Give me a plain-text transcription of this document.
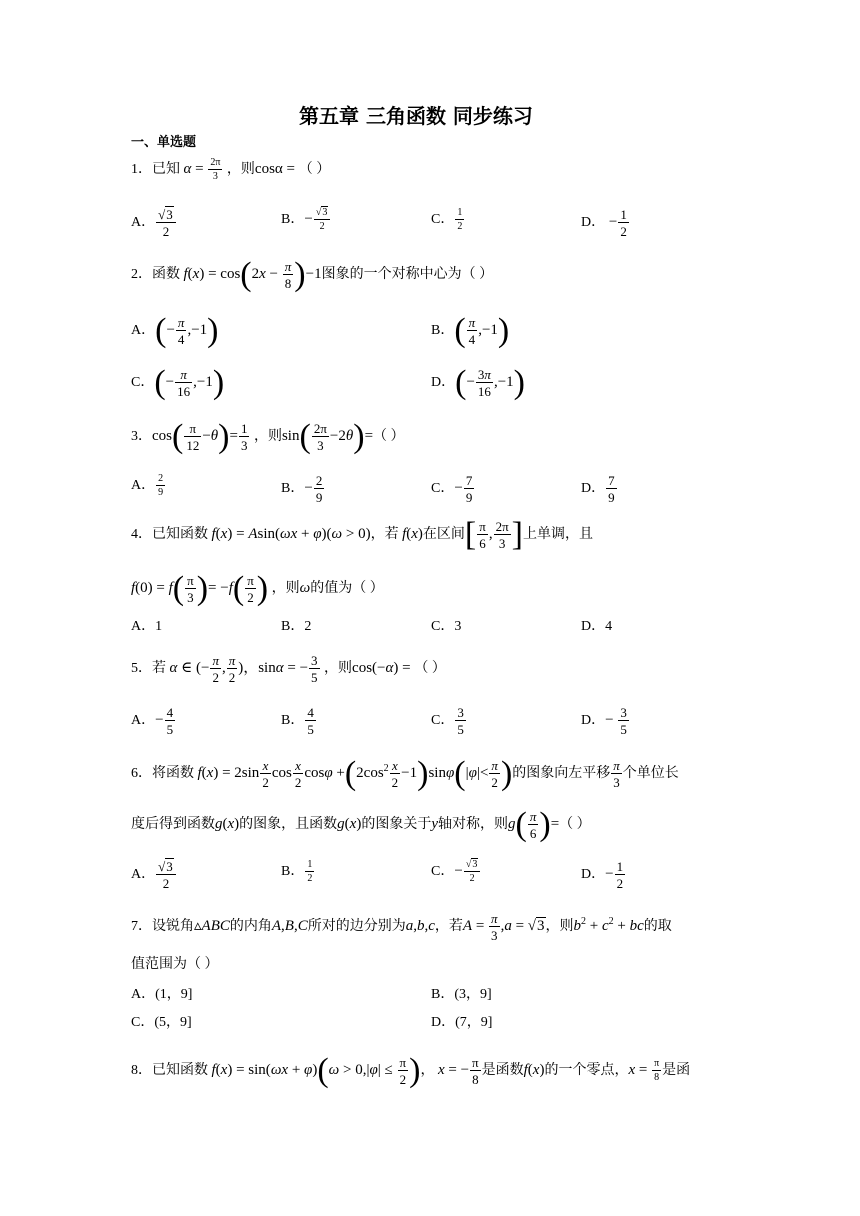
第五章 三角函数 同步练习
一、单选题
1．已知 $\alpha = \frac{2\pi}{3}$ ，则cosα = （ ）
A． $\frac{√3}{2}$	B．− $\frac{√3}{2}$	C． $\frac{1}{2}$	D． − $\frac{1}{2}$
2．函数 $f(x) = \cos(2x - \frac{\pi}{8} )-1$图象的一个对称中心为（ ）
A．(− $\frac{\pi}{4} ,-1$)	B．( $\frac{\pi}{4} ,-1$)
C．(− $\frac{\pi}{16} ,-1$)	D．(− $\frac{3\pi}{16} ,-1$)
3．$\cos( \frac{\pi}{12} -\theta)= \frac{1}{3}$ ，则$\sin( \frac{2\pi}{3} -2\theta)=$（ ）
A． $\frac{2}{9}$	B．− $\frac{2}{9}$	C．− $\frac{7}{9}$	D． $\frac{7}{9}$
4．已知函数 f(x) = Asin(ωx + φ)(ω > 0)，若 f(x)在区间[ $\frac{\pi}{6}$ , $\frac{2\pi}{3}$ ]上单调，且
$f(0) = f( \frac{\pi}{3}$ )= $-f( \frac{\pi}{2}$ ) ，则ω的值为（ ）
A．1	B．2	C．3	D．4
5．若 α ∈ (− $\frac{\pi}{2}$ , $\frac{\pi}{2}$ )，sinα = − $\frac{3}{5}$ ，则cos(−α) = （ ）
A．− $\frac{4}{5}$	B． $\frac{4}{5}$	C． $\frac{3}{5}$	D．− $\frac{3}{5}$
6．将函数 $f(x) = 2\sin \frac{x}{2}$ $\cos \frac{x}{2}$ $\cos\varphi +(2\cos^2 \frac{x}{2} -1)\sin\varphi(|\varphi|< \frac{\pi}{2}$ )的图象向左平移 $\frac{\pi}{3}$ 个单位长
度后得到函数g(x)的图象，且函数g(x)的图象关于y轴对称，则$g( \frac{\pi}{6}$ )=（ ）
A． $\frac{√3}{2}$	B． $\frac{1}{2}$	C．− $\frac{√3}{2}$	D．− $\frac{1}{2}$
7．设锐角▵ABC的内角A,B,C所对的边分别为a,b,c，若$A = \frac{\pi}{3} ,a = √3$，则$b^2 + c^2$ + bc的取
值范围为（ ）
A．(1，9]	B．(3，9]
C．(5，9]	D．(7，9]
8．已知函数 $f(x) = \sin(\omega x + \varphi)(\omega > 0,|\varphi| \le \frac{\pi}{2}$ )， x = − $\frac{\pi}{8}$ 是函数f(x)的一个零点，$x = \frac{\pi}{8}$ 是函
